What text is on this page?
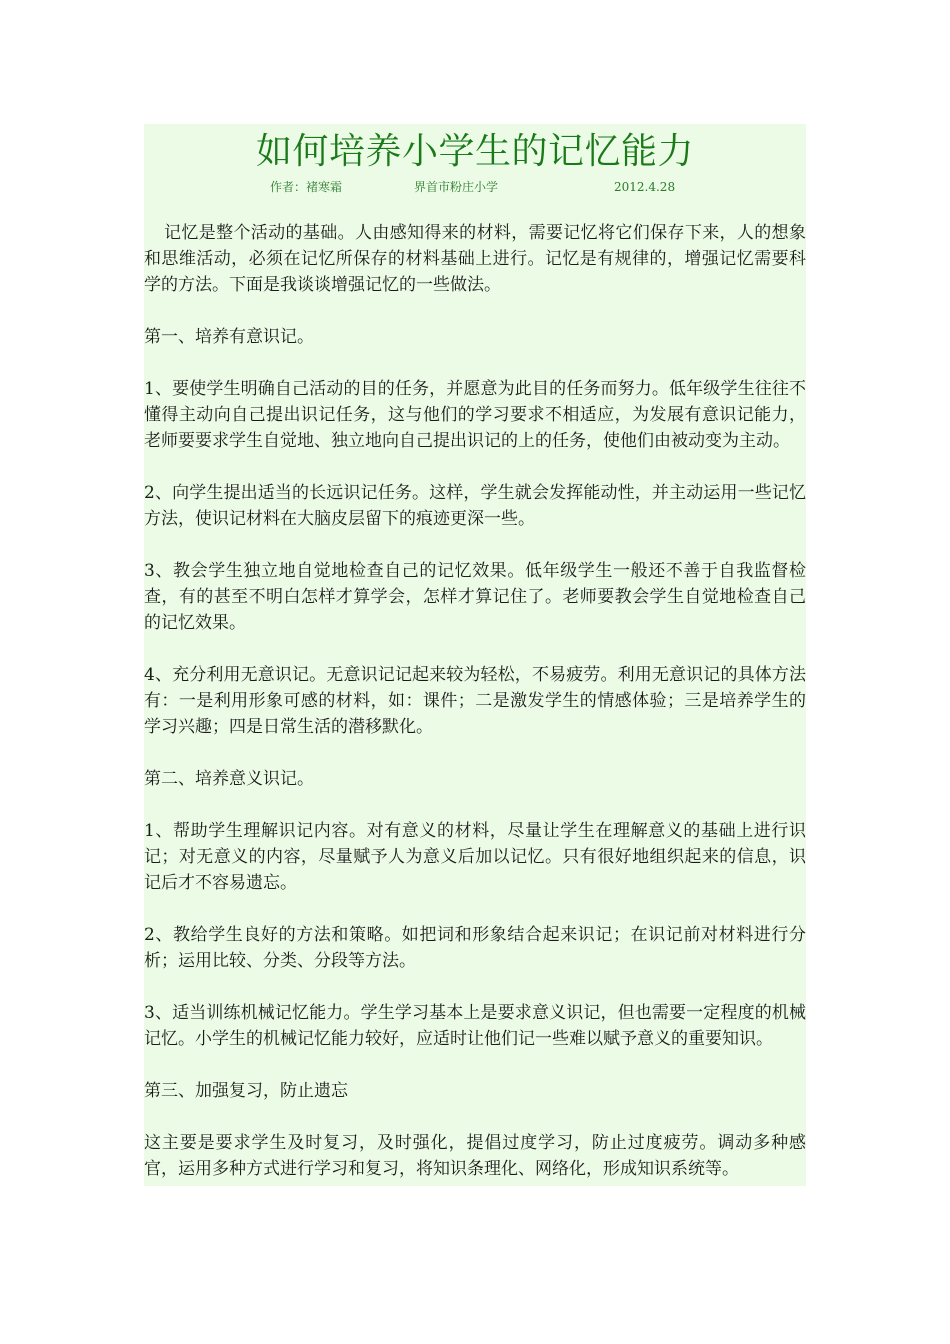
如何培养小学生的记忆能力
作者：褚寒霜	界首市粉庄小学	2012.4.28

记忆是整个活动的基础。人由感知得来的材料，需要记忆将它们保存下来，人的想象和思维活动，必须在记忆所保存的材料基础上进行。记忆是有规律的，增强记忆需要科学的方法。下面是我谈谈增强记忆的一些做法。

第一、培养有意识记。

1、要使学生明确自己活动的目的任务，并愿意为此目的任务而努力。低年级学生往往不懂得主动向自己提出识记任务，这与他们的学习要求不相适应，为发展有意识记能力，老师要要求学生自觉地、独立地向自己提出识记的上的任务，使他们由被动变为主动。

2、向学生提出适当的长远识记任务。这样，学生就会发挥能动性，并主动运用一些记忆方法，使识记材料在大脑皮层留下的痕迹更深一些。

3、教会学生独立地自觉地检查自己的记忆效果。低年级学生一般还不善于自我监督检查，有的甚至不明白怎样才算学会，怎样才算记住了。老师要教会学生自觉地检查自己的记忆效果。

4、充分利用无意识记。无意识记记起来较为轻松，不易疲劳。利用无意识记的具体方法有：一是利用形象可感的材料，如：课件；二是激发学生的情感体验；三是培养学生的学习兴趣；四是日常生活的潜移默化。

第二、培养意义识记。

1、帮助学生理解识记内容。对有意义的材料，尽量让学生在理解意义的基础上进行识记；对无意义的内容，尽量赋予人为意义后加以记忆。只有很好地组织起来的信息，识记后才不容易遗忘。

2、教给学生良好的方法和策略。如把词和形象结合起来识记；在识记前对材料进行分析；运用比较、分类、分段等方法。

3、适当训练机械记忆能力。学生学习基本上是要求意义识记，但也需要一定程度的机械记忆。小学生的机械记忆能力较好，应适时让他们记一些难以赋予意义的重要知识。

第三、加强复习，防止遗忘

这主要是要求学生及时复习，及时强化，提倡过度学习，防止过度疲劳。调动多种感官，运用多种方式进行学习和复习，将知识条理化、网络化，形成知识系统等。
